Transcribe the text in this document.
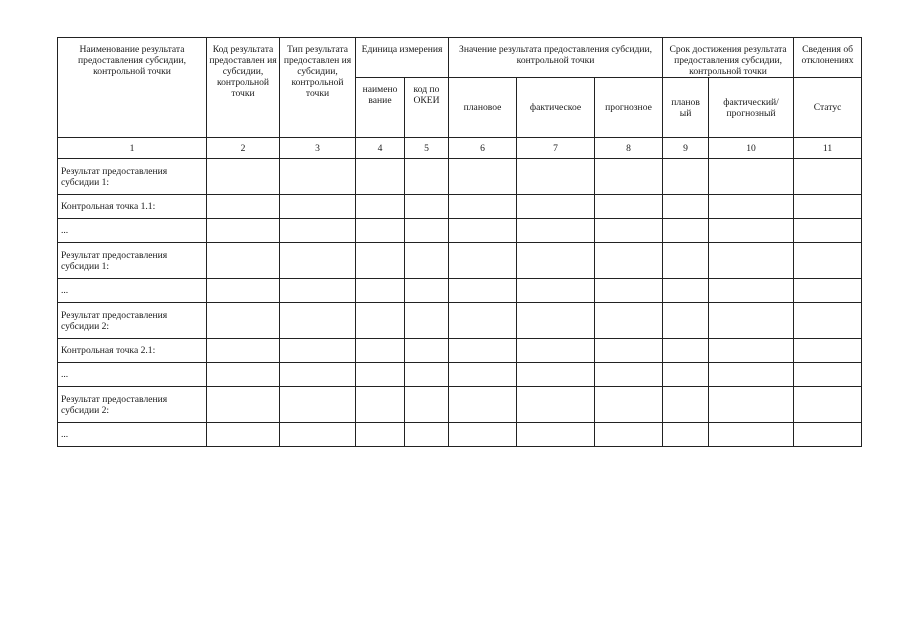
Наименование результата предоставления субсидии, контрольной точки	Код результата предоставлен ия субсидии, контрольной точки	Тип результата предоставлен ия субсидии, контрольной точки	Единица измерения		Значение результата предоставления субсидии, контрольной точки			Срок достижения результата предоставления субсидии, контрольной точки		Сведения об отклонениях
			наимено вание	код по ОКЕИ	плановое	фактическое	прогнозное	планов ый	фактический/ прогнозный	Статус
1	2	3	4	5	6	7	8	9	10	11
Результат предоставления субсидии 1:										
Контрольная точка 1.1:										
...										
Результат предоставления субсидии 1:										
...										
Результат предоставления субсидии 2:										
Контрольная точка 2.1:										
...										
Результат предоставления субсидии 2:										
...										
